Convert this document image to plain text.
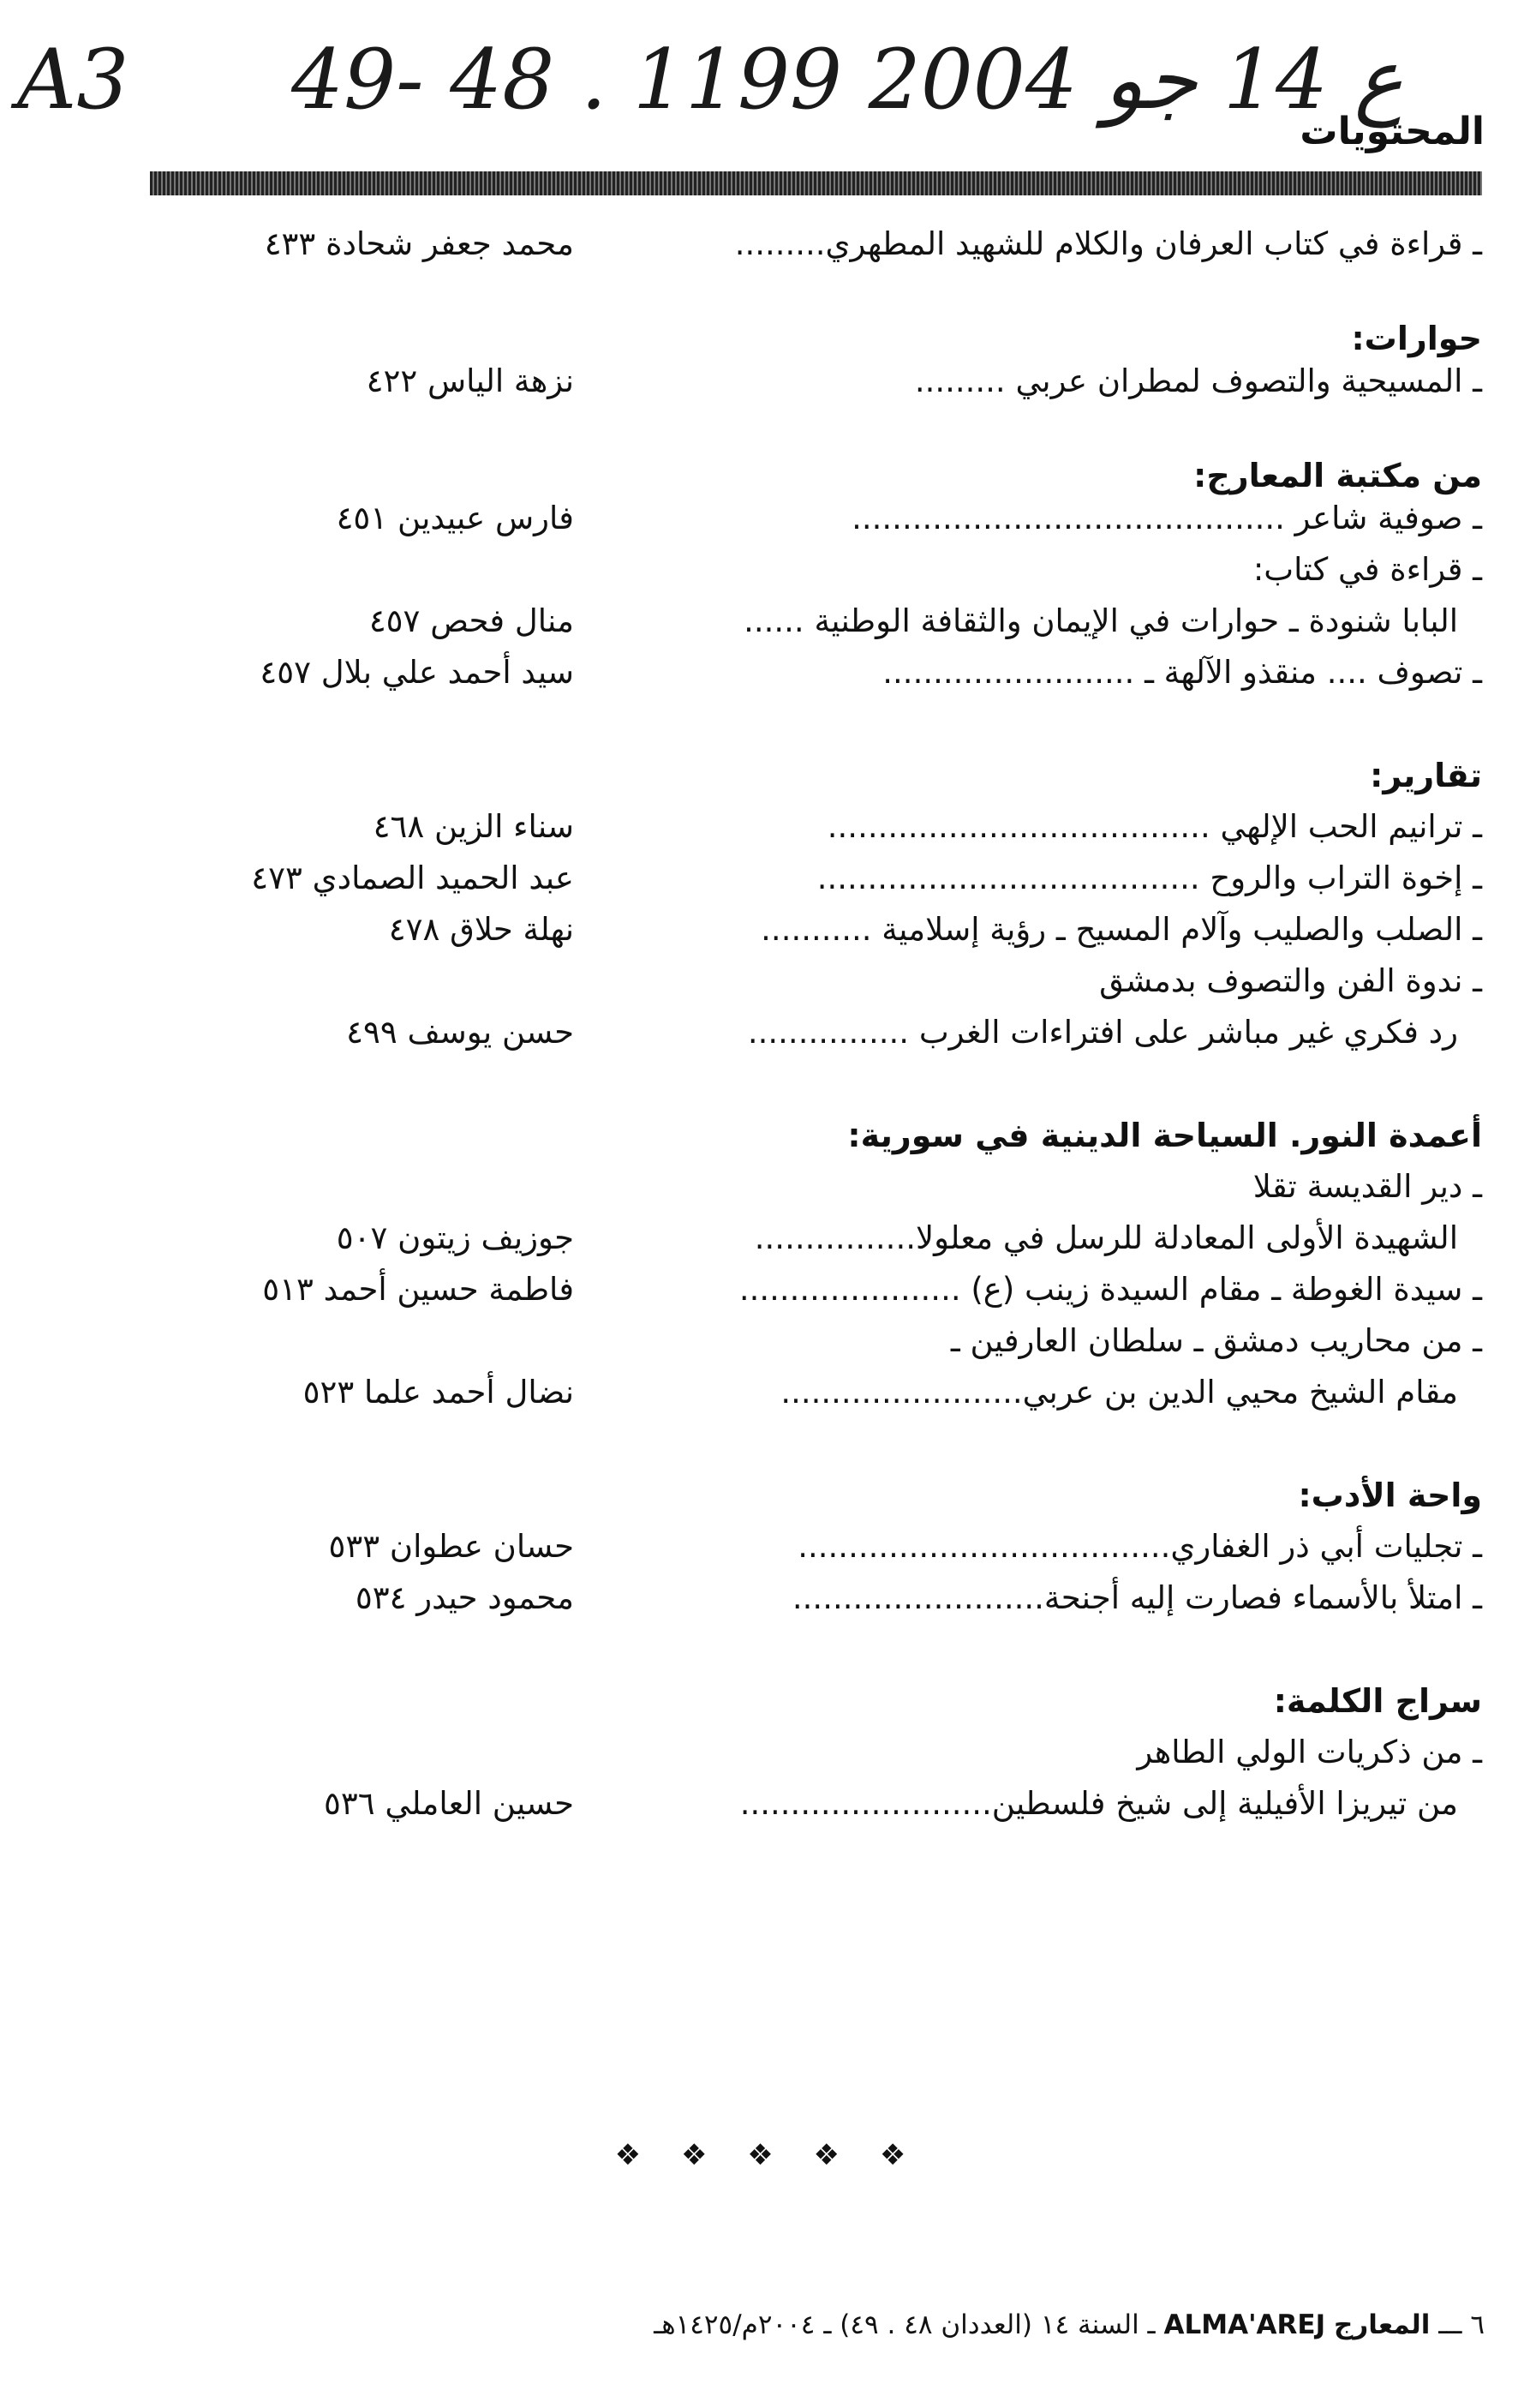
A3 49- 48 . ع 14 جو 2004 1199
المحتويات
ـ قراءة في كتاب العرفان والكلام للشهيد المطهري.........
محمد جعفر شحادة ٤٣٣
حوارات:
ـ المسيحية والتصوف لمطران عربي .........
نزهة الياس ٤٢٢
من مكتبة المعارج:
ـ صوفية شاعر ...........................................
فارس عبيدين ٤٥١
ـ قراءة في كتاب:
البابا شنودة ـ حوارات في الإيمان والثقافة الوطنية ......
منال فحص ٤٥٧
ـ تصوف .... منقذو الآلهة ـ .........................
سيد أحمد علي بلال ٤٥٧
تقارير:
ـ ترانيم الحب الإلهي ......................................
سناء الزين ٤٦٨
ـ إخوة التراب والروح ......................................
عبد الحميد الصمادي ٤٧٣
ـ الصلب والصليب وآلام المسيح ـ رؤية إسلامية ...........
نهلة حلاق ٤٧٨
ـ ندوة الفن والتصوف بدمشق
رد فكري غير مباشر على افتراءات الغرب ................
حسن يوسف ٤٩٩
أعمدة النور. السياحة الدينية في سورية:
ـ دير القديسة تقلا
الشهيدة الأولى المعادلة للرسل في معلولا................
جوزيف زيتون ٥٠٧
ـ سيدة الغوطة ـ مقام السيدة زينب (ع) ......................
فاطمة حسين أحمد ٥١٣
ـ من محاريب دمشق ـ سلطان العارفين ـ
مقام الشيخ محيي الدين بن عربي........................
نضال أحمد علما ٥٢٣
واحة الأدب:
ـ تجليات أبي ذر الغفاري.....................................
حسان عطوان ٥٣٣
ـ امتلأ بالأسماء فصارت إليه أجنحة.........................
محمود حيدر ٥٣٤
سراج الكلمة:
ـ من ذكريات الولي الطاهر
من تيريزا الأفيلية إلى شيخ فلسطين.........................
حسين العاملي ٥٣٦
❖ ❖ ❖ ❖ ❖
٦ ـــ المعارج ALMA'AREJ ـ السنة ١٤ (العددان ٤٨ . ٤٩) ـ ٢٠٠٤م/١٤٢٥هـ
